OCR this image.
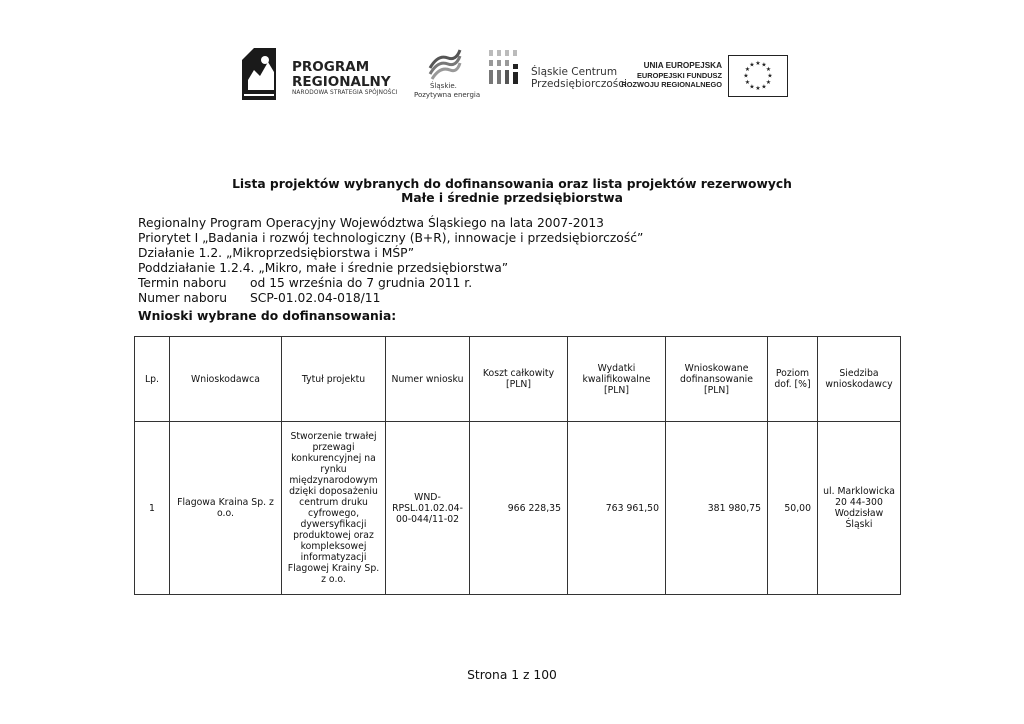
PROGRAM
REGIONALNY
NARODOWA STRATEGIA SPÓJNOŚCI
Śląskie.
Pozytywna energia
Śląskie Centrum
Przedsiębiorczości
UNIA EUROPEJSKA
EUROPEJSKI FUNDUSZ
ROZWOJU REGIONALNEGO
★ ★
★
★
★
★
★
★
★
★
★
★
Lista projektów wybranych do dofinansowania oraz lista projektów rezerwowych
Małe i średnie przedsiębiorstwa
Regionalny Program Operacyjny Województwa Śląskiego na lata 2007-2013
Priorytet I „Badania i rozwój technologiczny (B+R), innowacje i przedsiębiorczość”
Działanie 1.2. „Mikroprzedsiębiorstwa i MŚP”
Poddziałanie 1.2.4. „Mikro, małe i średnie przedsiębiorstwa”
Termin naboru od 15 września do 7 grudnia 2011 r.
Numer naboru SCP-01.02.04-018/11
Wnioski wybrane do dofinansowania:
Lp.	Wnioskodawca	Tytuł projektu	Numer wniosku	Koszt całkowity [PLN]	Wydatki kwalifikowalne [PLN]	Wnioskowane dofinansowanie [PLN]	Poziom dof. [%]	Siedziba wnioskodawcy
1	Flagowa Kraina Sp. z o.o.	Stworzenie trwałej przewagi konkurencyjnej na rynku międzynarodowym dzięki doposażeniu centrum druku cyfrowego, dywersyfikacji produktowej oraz kompleksowej informatyzacji Flagowej Krainy Sp. z o.o.	WND-RPSL.01.02.04-00-044/11-02	966 228,35	763 961,50	381 980,75	50,00	ul. Marklowicka 20 44-300 Wodzisław Śląski
Strona 1 z 100
